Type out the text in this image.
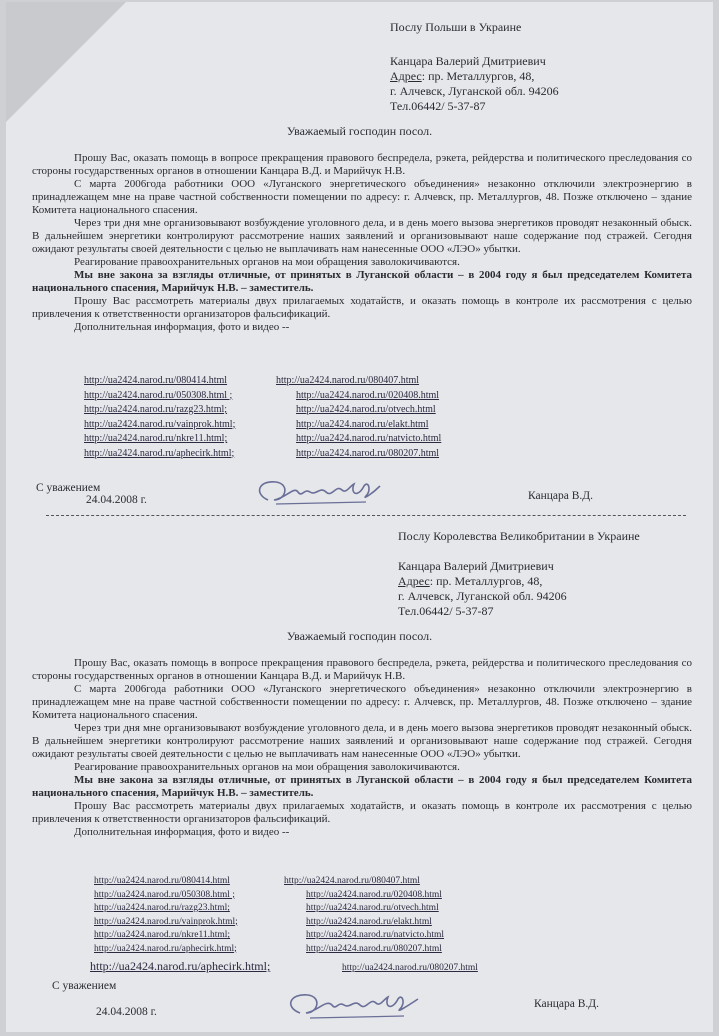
Послу Польши в Украине
Канцара Валерий Дмитриевич
Адрес: пр. Металлургов, 48,
г. Алчевск, Луганской обл. 94206
Тел.06442/ 5-37-87
Уважаемый господин посол.

Прошу Вас, оказать помощь в вопросе прекращения правового беспределa, рэкета, рейдерства и политического преследования со стороны государственных органов в отношении Канцара В.Д. и Марийчук Н.В.

С марта 2006года работники ООО «Луганского энергетического объединения» незаконно отключили электроэнергию в принадлежащем мне на праве частной собственности помещении по адресу: г. Алчевск, пр. Металлургов, 48. Позже отключено – здание Комитета национального спасения.

Через три дня мне организовывают возбуждение уголовного дела, и в день моего вызова энергетиков проводят незаконный обыск. В дальнейшем энергетики контролируют рассмотрение наших заявлений и организовывают наше содержание под стражей. Сегодня ожидают результаты своей деятельности с целью не выплачивать нам нанесенные ООО «ЛЭО» убытки.

Реагирование правоохранительных органов на мои обращения заволокичиваются.

Мы вне закона за взгляды отличные, от принятых в Луганской области – в 2004 году я был председателем Комитета национального спасения, Марийчук Н.В. – заместитель.

Прошу Вас рассмотреть материалы двух прилагаемых ходатайств, и оказать помощь в контроле их рассмотрения с целью привлечения к ответственности организаторов фальсификаций.

Дополнительная информация, фото и видео --

http://ua2424.narod.ru/080414.html	http://ua2424.narod.ru/080407.html
http://ua2424.narod.ru/050308.html ;	http://ua2424.narod.ru/020408.html
http://ua2424.narod.ru/razg23.html;	http://ua2424.narod.ru/otvech.html
http://ua2424.narod.ru/vainprok.html;	http://ua2424.narod.ru/elakt.html
http://ua2424.narod.ru/nkre11.html;	http://ua2424.narod.ru/natvicto.html
http://ua2424.narod.ru/aphecirk.html;	http://ua2424.narod.ru/080207.html
С уважением
24.04.2008 г.	Канцара В.Д.
Послу Королевства Великобритании в Украине
Канцара Валерий Дмитриевич
Адрес: пр. Металлургов, 48,
г. Алчевск, Луганской обл. 94206
Тел.06442/ 5-37-87
Уважаемый господин посол.

Прошу Вас, оказать помощь в вопросе прекращения правового беспределa, рэкета, рейдерства и политического преследования со стороны государственных органов в отношении Канцара В.Д. и Марийчук Н.В.

С марта 2006года работники ООО «Луганского энергетического объединения» незаконно отключили электроэнергию в принадлежащем мне на праве частной собственности помещении по адресу: г. Алчевск, пр. Металлургов, 48. Позже отключено – здание Комитета национального спасения.

Через три дня мне организовывают возбуждение уголовного дела, и в день моего вызова энергетиков проводят незаконный обыск. В дальнейшем энергетики контролируют рассмотрение наших заявлений и организовывают наше содержание под стражей. Сегодня ожидают результаты своей деятельности с целью не выплачивать нам нанесенные ООО «ЛЭО» убытки.

Реагирование правоохранительных органов на мои обращения заволокичиваются.

Мы вне закона за взгляды отличные, от принятых в Луганской области – в 2004 году я был председателем Комитета национального спасения, Марийчук Н.В. – заместитель.

Прошу Вас рассмотреть материалы двух прилагаемых ходатайств, и оказать помощь в контроле их рассмотрения с целью привлечения к ответственности организаторов фальсификаций.

Дополнительная информация, фото и видео --

http://ua2424.narod.ru/080414.html	http://ua2424.narod.ru/080407.html
http://ua2424.narod.ru/050308.html ;	http://ua2424.narod.ru/020408.html
http://ua2424.narod.ru/razg23.html;	http://ua2424.narod.ru/otvech.html
http://ua2424.narod.ru/vainprok.html;	http://ua2424.narod.ru/elakt.html
http://ua2424.narod.ru/nkre11.html;	http://ua2424.narod.ru/natvicto.html
http://ua2424.narod.ru/aphecirk.html;	http://ua2424.narod.ru/080207.html
http://ua2424.narod.ru/aphecirk.html;	http://ua2424.narod.ru/080207.html
С уважением
24.04.2008 г.
Канцара В.Д.
